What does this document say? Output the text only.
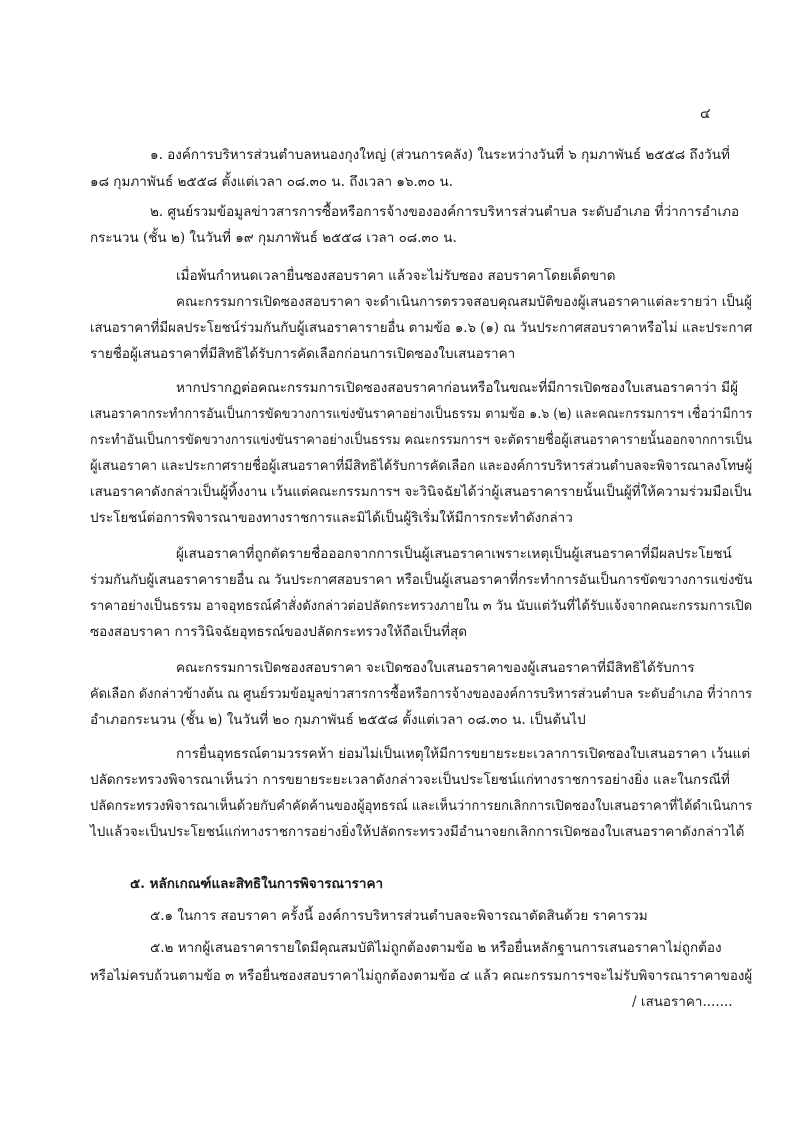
๔
๑. องค์การบริหารส่วนตำบลหนองกุงใหญ่ (ส่วนการคลัง) ในระหว่างวันที่ ๖ กุมภาพันธ์ ๒๕๕๘ ถึงวันที่
๑๘ กุมภาพันธ์ ๒๕๕๘ ตั้งแต่เวลา ๐๘.๓๐ น. ถึงเวลา ๑๖.๓๐ น.
๒. ศูนย์รวมข้อมูลข่าวสารการซื้อหรือการจ้างขององค์การบริหารส่วนตำบล ระดับอำเภอ ที่ว่าการอำเภอ
กระนวน (ชั้น ๒) ในวันที่ ๑๙ กุมภาพันธ์ ๒๕๕๘ เวลา ๐๘.๓๐ น.
เมื่อพ้นกำหนดเวลายื่นซองสอบราคา แล้วจะไม่รับซอง สอบราคาโดยเด็ดขาด
คณะกรรมการเปิดซองสอบราคา จะดำเนินการตรวจสอบคุณสมบัติของผู้เสนอราคาแต่ละรายว่า เป็นผู้
เสนอราคาที่มีผลประโยชน์ร่วมกันกับผู้เสนอราคารายอื่น ตามข้อ ๑.๖ (๑) ณ วันประกาศสอบราคาหรือไม่ และประกาศ
รายชื่อผู้เสนอราคาที่มีสิทธิได้รับการคัดเลือกก่อนการเปิดซองใบเสนอราคา
หากปรากฏต่อคณะกรรมการเปิดซองสอบราคาก่อนหรือในขณะที่มีการเปิดซองใบเสนอราคาว่า มีผู้
เสนอราคากระทำการอันเป็นการขัดขวางการแข่งขันราคาอย่างเป็นธรรม ตามข้อ ๑.๖ (๒) และคณะกรรมการฯ เชื่อว่ามีการ
กระทำอันเป็นการขัดขวางการแข่งขันราคาอย่างเป็นธรรม คณะกรรมการฯ จะตัดรายชื่อผู้เสนอราคารายนั้นออกจากการเป็น
ผู้เสนอราคา และประกาศรายชื่อผู้เสนอราคาที่มีสิทธิได้รับการคัดเลือก และองค์การบริหารส่วนตำบลจะพิจารณาลงโทษผู้
เสนอราคาดังกล่าวเป็นผู้ทิ้งงาน เว้นแต่คณะกรรมการฯ จะวินิจฉัยได้ว่าผู้เสนอราคารายนั้นเป็นผู้ที่ให้ความร่วมมือเป็น
ประโยชน์ต่อการพิจารณาของทางราชการและมิได้เป็นผู้ริเริ่มให้มีการกระทำดังกล่าว
ผู้เสนอราคาที่ถูกตัดรายชื่อออกจากการเป็นผู้เสนอราคาเพราะเหตุเป็นผู้เสนอราคาที่มีผลประโยชน์
ร่วมกันกับผู้เสนอราคารายอื่น ณ วันประกาศสอบราคา หรือเป็นผู้เสนอราคาที่กระทำการอันเป็นการขัดขวางการแข่งขัน
ราคาอย่างเป็นธรรม อาจอุทธรณ์คำสั่งดังกล่าวต่อปลัดกระทรวงภายใน ๓ วัน นับแต่วันที่ได้รับแจ้งจากคณะกรรมการเปิด
ซองสอบราคา การวินิจฉัยอุทธรณ์ของปลัดกระทรวงให้ถือเป็นที่สุด
คณะกรรมการเปิดซองสอบราคา จะเปิดซองใบเสนอราคาของผู้เสนอราคาที่มีสิทธิได้รับการ
คัดเลือก ดังกล่าวข้างต้น ณ ศูนย์รวมข้อมูลข่าวสารการซื้อหรือการจ้างขององค์การบริหารส่วนตำบล ระดับอำเภอ ที่ว่าการ
อำเภอกระนวน (ชั้น ๒) ในวันที่ ๒๐ กุมภาพันธ์ ๒๕๕๘ ตั้งแต่เวลา ๐๘.๓๐ น. เป็นต้นไป
การยื่นอุทธรณ์ตามวรรคห้า ย่อมไม่เป็นเหตุให้มีการขยายระยะเวลาการเปิดซองใบเสนอราคา เว้นแต่
ปลัดกระทรวงพิจารณาเห็นว่า การขยายระยะเวลาดังกล่าวจะเป็นประโยชน์แก่ทางราชการอย่างยิ่ง และในกรณีที่
ปลัดกระทรวงพิจารณาเห็นด้วยกับคำคัดค้านของผู้อุทธรณ์ และเห็นว่าการยกเลิกการเปิดซองใบเสนอราคาที่ได้ดำเนินการ
ไปแล้วจะเป็นประโยชน์แก่ทางราชการอย่างยิ่งให้ปลัดกระทรวงมีอำนาจยกเลิกการเปิดซองใบเสนอราคาดังกล่าวได้
๕. หลักเกณฑ์และสิทธิในการพิจารณาราคา
๕.๑ ในการ สอบราคา ครั้งนี้ องค์การบริหารส่วนตำบลจะพิจารณาตัดสินด้วย ราคารวม
๕.๒ หากผู้เสนอราคารายใดมีคุณสมบัติไม่ถูกต้องตามข้อ ๒ หรือยื่นหลักฐานการเสนอราคาไม่ถูกต้อง
หรือไม่ครบถ้วนตามข้อ ๓ หรือยื่นซองสอบราคาไม่ถูกต้องตามข้อ ๔ แล้ว คณะกรรมการฯจะไม่รับพิจารณาราคาของผู้
/ เสนอราคา.......
